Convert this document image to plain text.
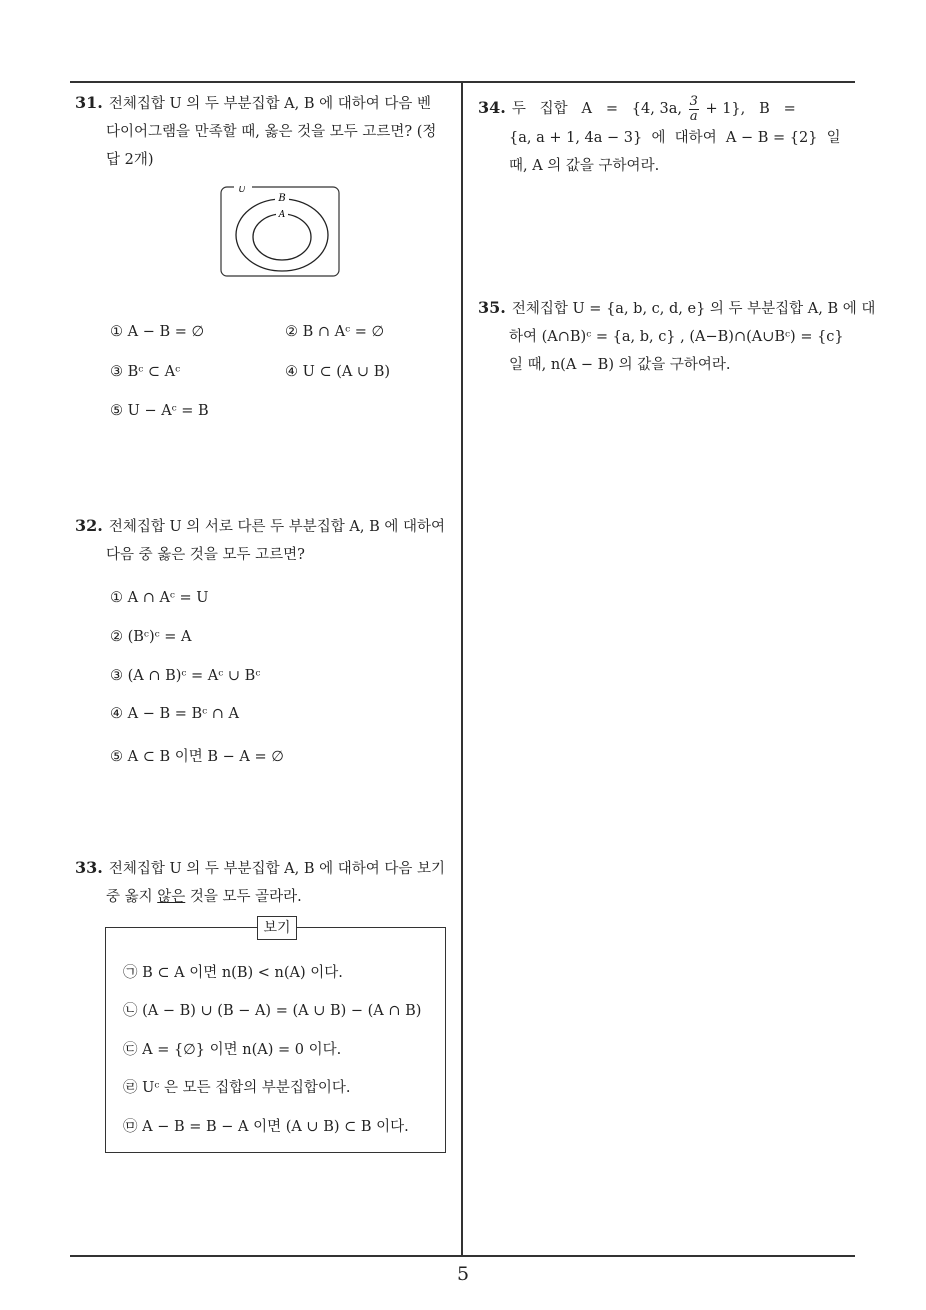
31. 전체집합 U 의 두 부분집합 A, B 에 대하여 다음 벤
다이어그램을 만족할 때, 옳은 것을 모두 고르면? (정
답 2개)
U
B
A
① A − B = ∅	② B ∩ Aᶜ = ∅
③ Bᶜ ⊂ Aᶜ	④ U ⊂ (A ∪ B)
⑤ U − Aᶜ = B
32. 전체집합 U 의 서로 다른 두 부분집합 A, B 에 대하여
다음 중 옳은 것을 모두 고르면?
① A ∩ Aᶜ = U
② (Bᶜ)ᶜ = A
③ (A ∩ B)ᶜ = Aᶜ ∪ Bᶜ
④ A − B = Bᶜ ∩ A
⑤ A ⊂ B 이면 B − A = ∅
33. 전체집합 U 의 두 부분집합 A, B 에 대하여 다음 보기
중 옳지 않은 것을 모두 골라라.
보기
㉠ B ⊂ A 이면 n(B) < n(A) 이다.
㉡ (A − B) ∪ (B − A) = (A ∪ B) − (A ∩ B)
㉢ A = {∅} 이면 n(A) = 0 이다.
㉣ Uᶜ 은 모든 집합의 부분집합이다.
㉤ A − B = B − A 이면 (A ∪ B) ⊂ B 이다.
34. 두   집합   A   =   {4, 3a, $\frac{3}{a} + 1$},   B   =
{a, a + 1, 4a − 3}  에  대하여  A − B = {2}  일
때, A 의 값을 구하여라.
35. 전체집합 U = {a, b, c, d, e} 의 두 부분집합 A, B 에 대
하여 (A∩B)ᶜ = {a, b, c} , (A−B)∩(A∪Bᶜ) = {c}
일 때, n(A − B) 의 값을 구하여라.
5
